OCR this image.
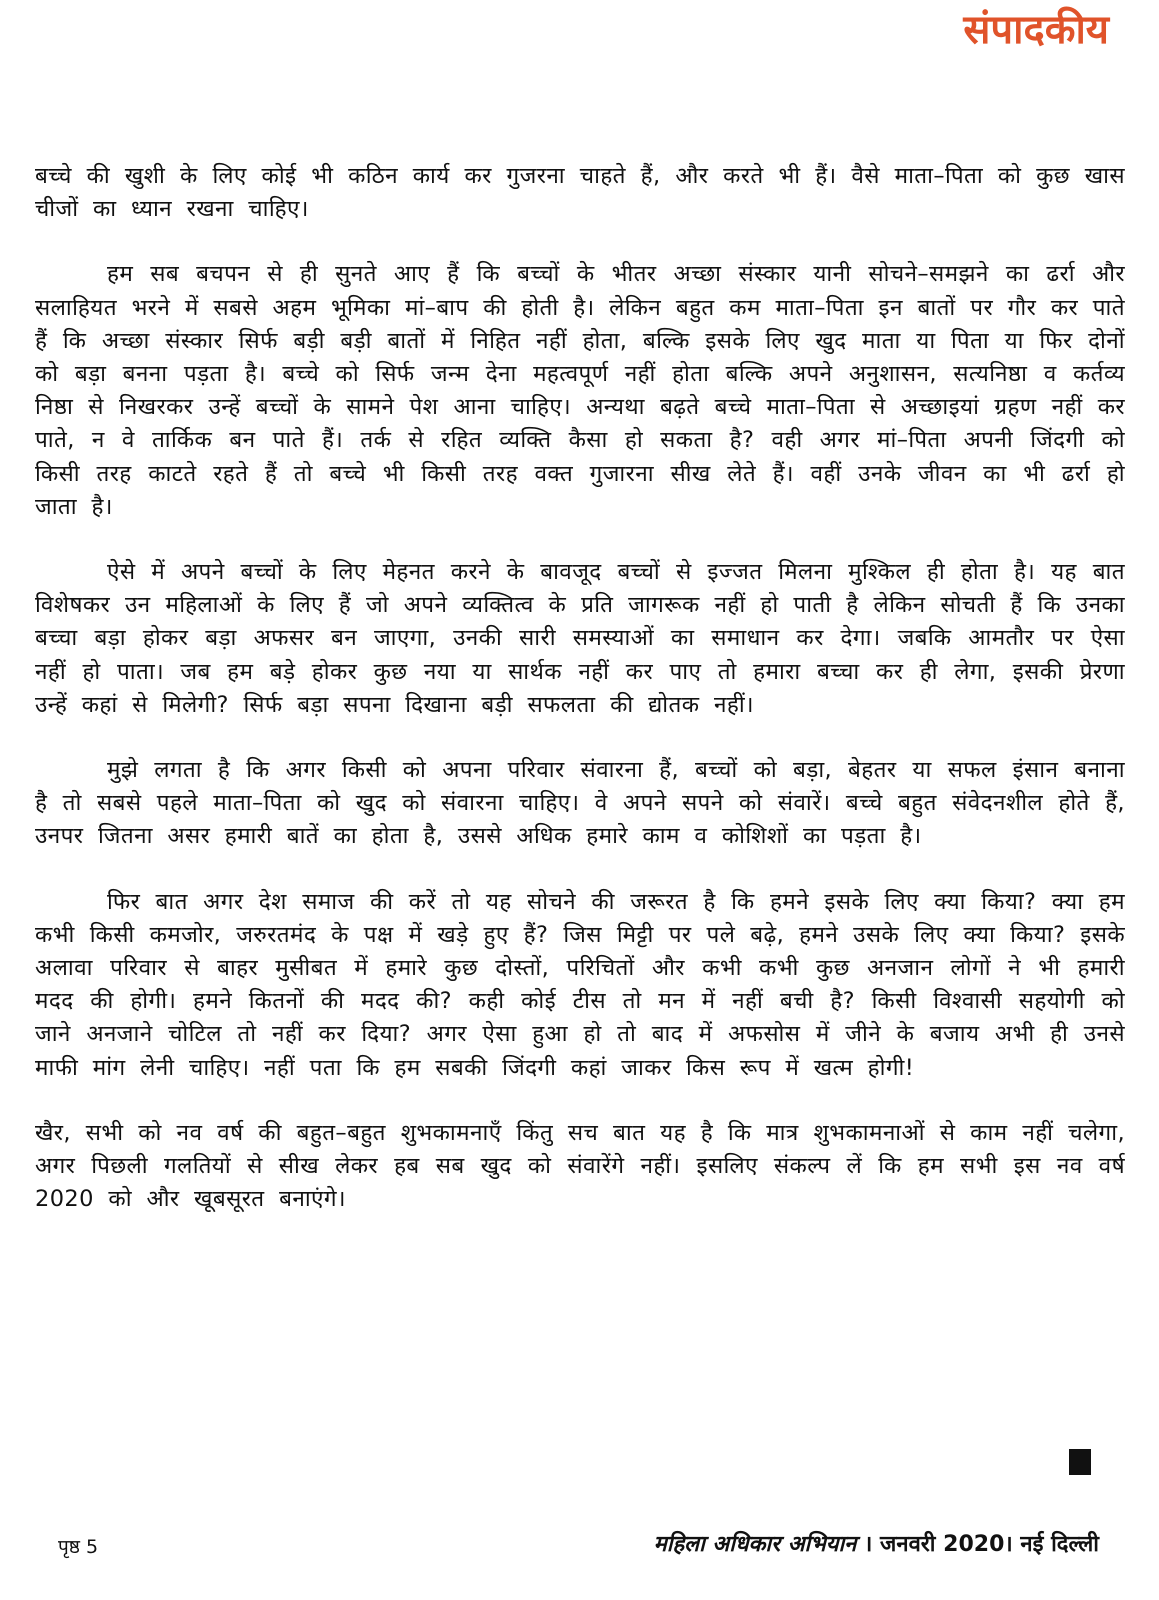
संपादकीय

बच्चे की खुशी के लिए कोई भी कठिन कार्य कर गुजरना चाहते हैं, और करते भी हैं। वैसे माता–पिता को कुछ खास चीजों का ध्यान रखना चाहिए।

हम सब बचपन से ही सुनते आए हैं कि बच्चों के भीतर अच्छा संस्कार यानी सोचने–समझने का ढर्रा और सलाहियत भरने में सबसे अहम भूमिका मां–बाप की होती है। लेकिन बहुत कम माता–पिता इन बातों पर गौर कर पाते हैं कि अच्छा संस्कार सिर्फ बड़ी बड़ी बातों में निहित नहीं होता, बल्कि इसके लिए खुद माता या पिता या फिर दोनों को बड़ा बनना पड़ता है। बच्चे को सिर्फ जन्म देना महत्वपूर्ण नहीं होता बल्कि अपने अनुशासन, सत्यनिष्ठा व कर्तव्य निष्ठा से निखरकर उन्हें बच्चों के सामने पेश आना चाहिए। अन्यथा बढ़ते बच्चे माता–पिता से अच्छाइयां ग्रहण नहीं कर पाते, न वे तार्किक बन पाते हैं। तर्क से रहित व्यक्ति कैसा हो सकता है? वही अगर मां–पिता अपनी जिंदगी को किसी तरह काटते रहते हैं तो बच्चे भी किसी तरह वक्त गुजारना सीख लेते हैं। वहीं उनके जीवन का भी ढर्रा हो जाता है।

ऐसे में अपने बच्चों के लिए मेहनत करने के बावजूद बच्चों से इज्जत मिलना मुश्किल ही होता है। यह बात विशेषकर उन महिलाओं के लिए हैं जो अपने व्यक्तित्व के प्रति जागरूक नहीं हो पाती है लेकिन सोचती हैं कि उनका बच्चा बड़ा होकर बड़ा अफसर बन जाएगा, उनकी सारी समस्याओं का समाधान कर देगा। जबकि आमतौर पर ऐसा नहीं हो पाता। जब हम बड़े होकर कुछ नया या सार्थक नहीं कर पाए तो हमारा बच्चा कर ही लेगा, इसकी प्रेरणा उन्हें कहां से मिलेगी? सिर्फ बड़ा सपना दिखाना बड़ी सफलता की द्योतक नहीं।

मुझे लगता है कि अगर किसी को अपना परिवार संवारना हैं, बच्चों को बड़ा, बेहतर या सफल इंसान बनाना है तो सबसे पहले माता–पिता को खुद को संवारना चाहिए। वे अपने सपने को संवारें। बच्चे बहुत संवेदनशील होते हैं, उनपर जितना असर हमारी बातें का होता है, उससे अधिक हमारे काम व कोशिशों का पड़ता है।

फिर बात अगर देश समाज की करें तो यह सोचने की जरूरत है कि हमने इसके लिए क्या किया? क्या हम कभी किसी कमजोर, जरुरतमंद के पक्ष में खड़े हुए हैं? जिस मिट्टी पर पले बढ़े, हमने उसके लिए क्या किया? इसके अलावा परिवार से बाहर मुसीबत में हमारे कुछ दोस्तों, परिचितों और कभी कभी कुछ अनजान लोगों ने भी हमारी मदद की होगी। हमने कितनों की मदद की? कही कोई टीस तो मन में नहीं बची है? किसी विश्वासी सहयोगी को जाने अनजाने चोटिल तो नहीं कर दिया? अगर ऐसा हुआ हो तो बाद में अफसोस में जीने के बजाय अभी ही उनसे माफी मांग लेनी चाहिए। नहीं पता कि हम सबकी जिंदगी कहां जाकर किस रूप में खत्म होगी!

खैर, सभी को नव वर्ष की बहुत–बहुत शुभकामनाएँ किंतु सच बात यह है कि मात्र शुभकामनाओं से काम नहीं चलेगा, अगर पिछली गलतियों से सीख लेकर हब सब खुद को संवारेंगे नहीं। इसलिए संकल्प लें कि हम सभी इस नव वर्ष 2020 को और खूबसूरत बनाएंगे।

पृष्ठ 5	महिला अधिकार अभियान । जनवरी 2020। नई दिल्ली
